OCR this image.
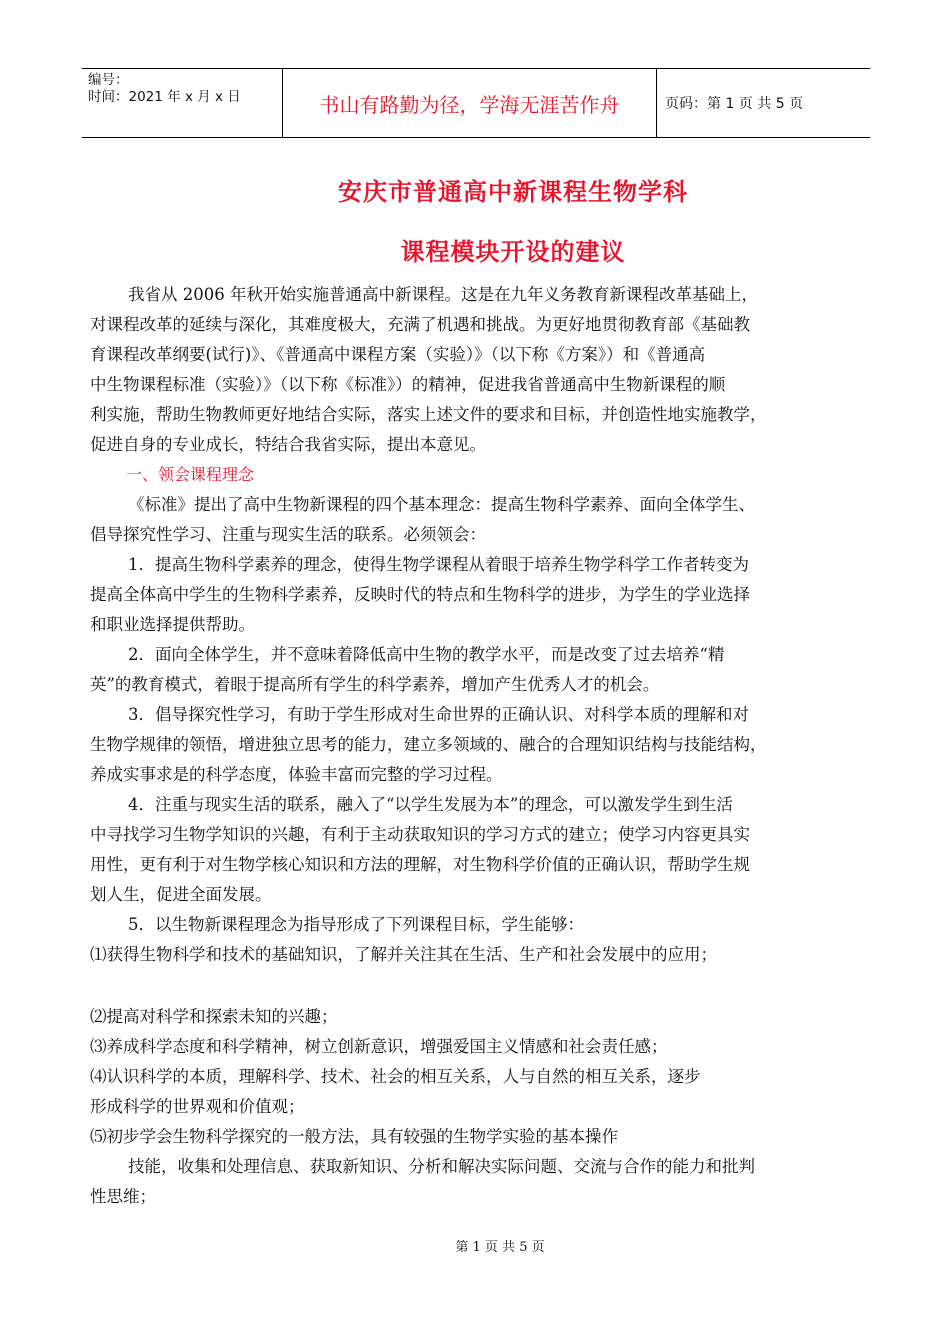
编号：
时间：2021 年 x 月 x 日	书山有路勤为径，学海无涯苦作舟	页码：第 1 页 共 5 页
安庆市普通高中新课程生物学科
课程模块开设的建议

我省从 2006 年秋开始实施普通高中新课程。这是在九年义务教育新课程改革基础上，

对课程改革的延续与深化，其难度极大，充满了机遇和挑战。为更好地贯彻教育部《基础教

育课程改革纲要(试行)》、《普通高中课程方案（实验）》（以下称《方案》）和《普通高

中生物课程标准（实验）》（以下称《标准》）的精神，促进我省普通高中生物新课程的顺

利实施，帮助生物教师更好地结合实际，落实上述文件的要求和目标，并创造性地实施教学，

促进自身的专业成长，特结合我省实际，提出本意见。

一、领会课程理念

《标准》提出了高中生物新课程的四个基本理念：提高生物科学素养、面向全体学生、

倡导探究性学习、注重与现实生活的联系。必须领会：

1．提高生物科学素养的理念，使得生物学课程从着眼于培养生物学科学工作者转变为

提高全体高中学生的生物科学素养，反映时代的特点和生物科学的进步，为学生的学业选择

和职业选择提供帮助。

2．面向全体学生，并不意味着降低高中生物的教学水平，而是改变了过去培养“精

英”的教育模式，着眼于提高所有学生的科学素养，增加产生优秀人才的机会。

3．倡导探究性学习，有助于学生形成对生命世界的正确认识、对科学本质的理解和对

生物学规律的领悟，增进独立思考的能力，建立多领域的、融合的合理知识结构与技能结构，

养成实事求是的科学态度，体验丰富而完整的学习过程。

4．注重与现实生活的联系，融入了“以学生发展为本”的理念，可以激发学生到生活

中寻找学习生物学知识的兴趣，有利于主动获取知识的学习方式的建立；使学习内容更具实

用性，更有利于对生物学核心知识和方法的理解，对生物科学价值的正确认识，帮助学生规

划人生，促进全面发展。

5．以生物新课程理念为指导形成了下列课程目标，学生能够：

⑴获得生物科学和技术的基础知识，了解并关注其在生活、生产和社会发展中的应用；

⑵提高对科学和探索未知的兴趣；

⑶养成科学态度和科学精神，树立创新意识，增强爱国主义情感和社会责任感；

⑷认识科学的本质，理解科学、技术、社会的相互关系，人与自然的相互关系，逐步

形成科学的世界观和价值观；

⑸初步学会生物科学探究的一般方法，具有较强的生物学实验的基本操作

技能，收集和处理信息、获取新知识、分析和解决实际问题、交流与合作的能力和批判

性思维；

第 1 页 共 5 页
